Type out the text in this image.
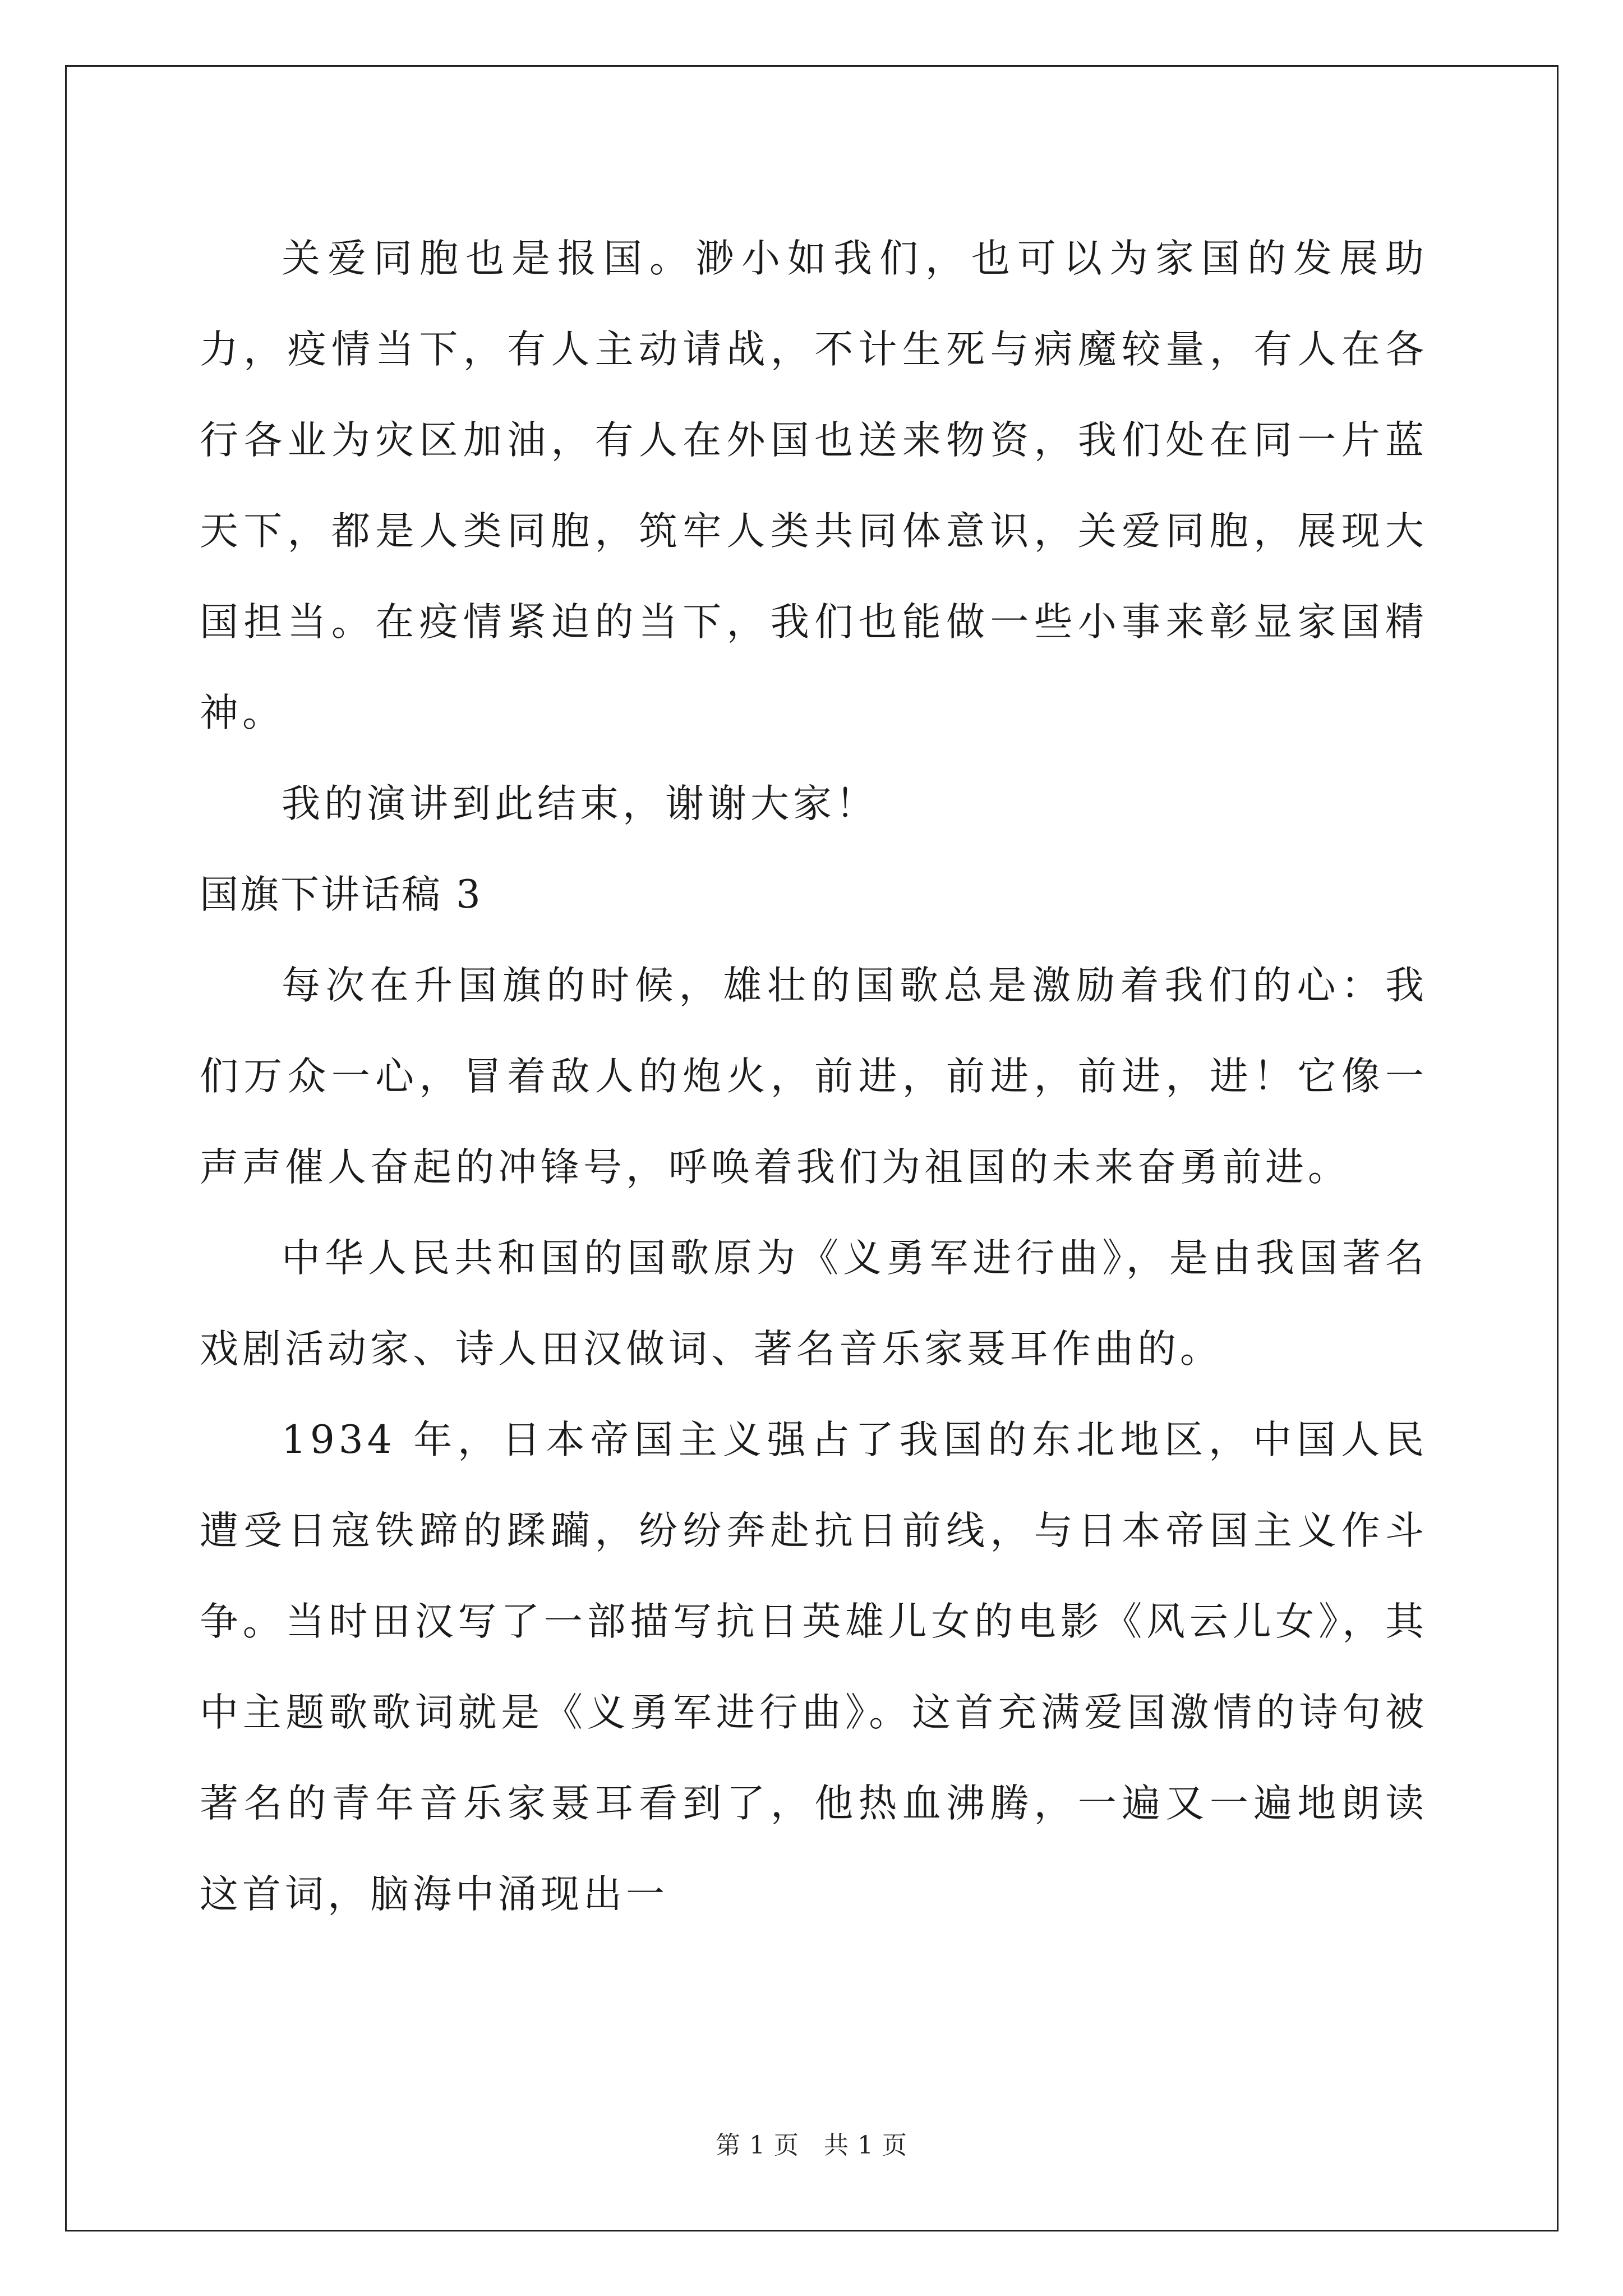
关爱同胞也是报国。渺小如我们，也可以为家国的发展助力，疫情当下，有人主动请战，不计生死与病魔较量，有人在各行各业为灾区加油，有人在外国也送来物资，我们处在同一片蓝天下，都是人类同胞，筑牢人类共同体意识，关爱同胞，展现大国担当。在疫情紧迫的当下，我们也能做一些小事来彰显家国精神。

我的演讲到此结束，谢谢大家！

国旗下讲话稿 3

每次在升国旗的时候，雄壮的国歌总是激励着我们的心：我们万众一心，冒着敌人的炮火，前进，前进，前进，进！它像一声声催人奋起的冲锋号，呼唤着我们为祖国的未来奋勇前进。

中华人民共和国的国歌原为《义勇军进行曲》，是由我国著名戏剧活动家、诗人田汉做词、著名音乐家聂耳作曲的。

1934 年，日本帝国主义强占了我国的东北地区，中国人民遭受日寇铁蹄的蹂躏，纷纷奔赴抗日前线，与日本帝国主义作斗争。当时田汉写了一部描写抗日英雄儿女的电影《风云儿女》，其中主题歌歌词就是《义勇军进行曲》。这首充满爱国激情的诗句被著名的青年音乐家聂耳看到了，他热血沸腾，一遍又一遍地朗读这首词，脑海中涌现出一

第 1 页 共 1 页
